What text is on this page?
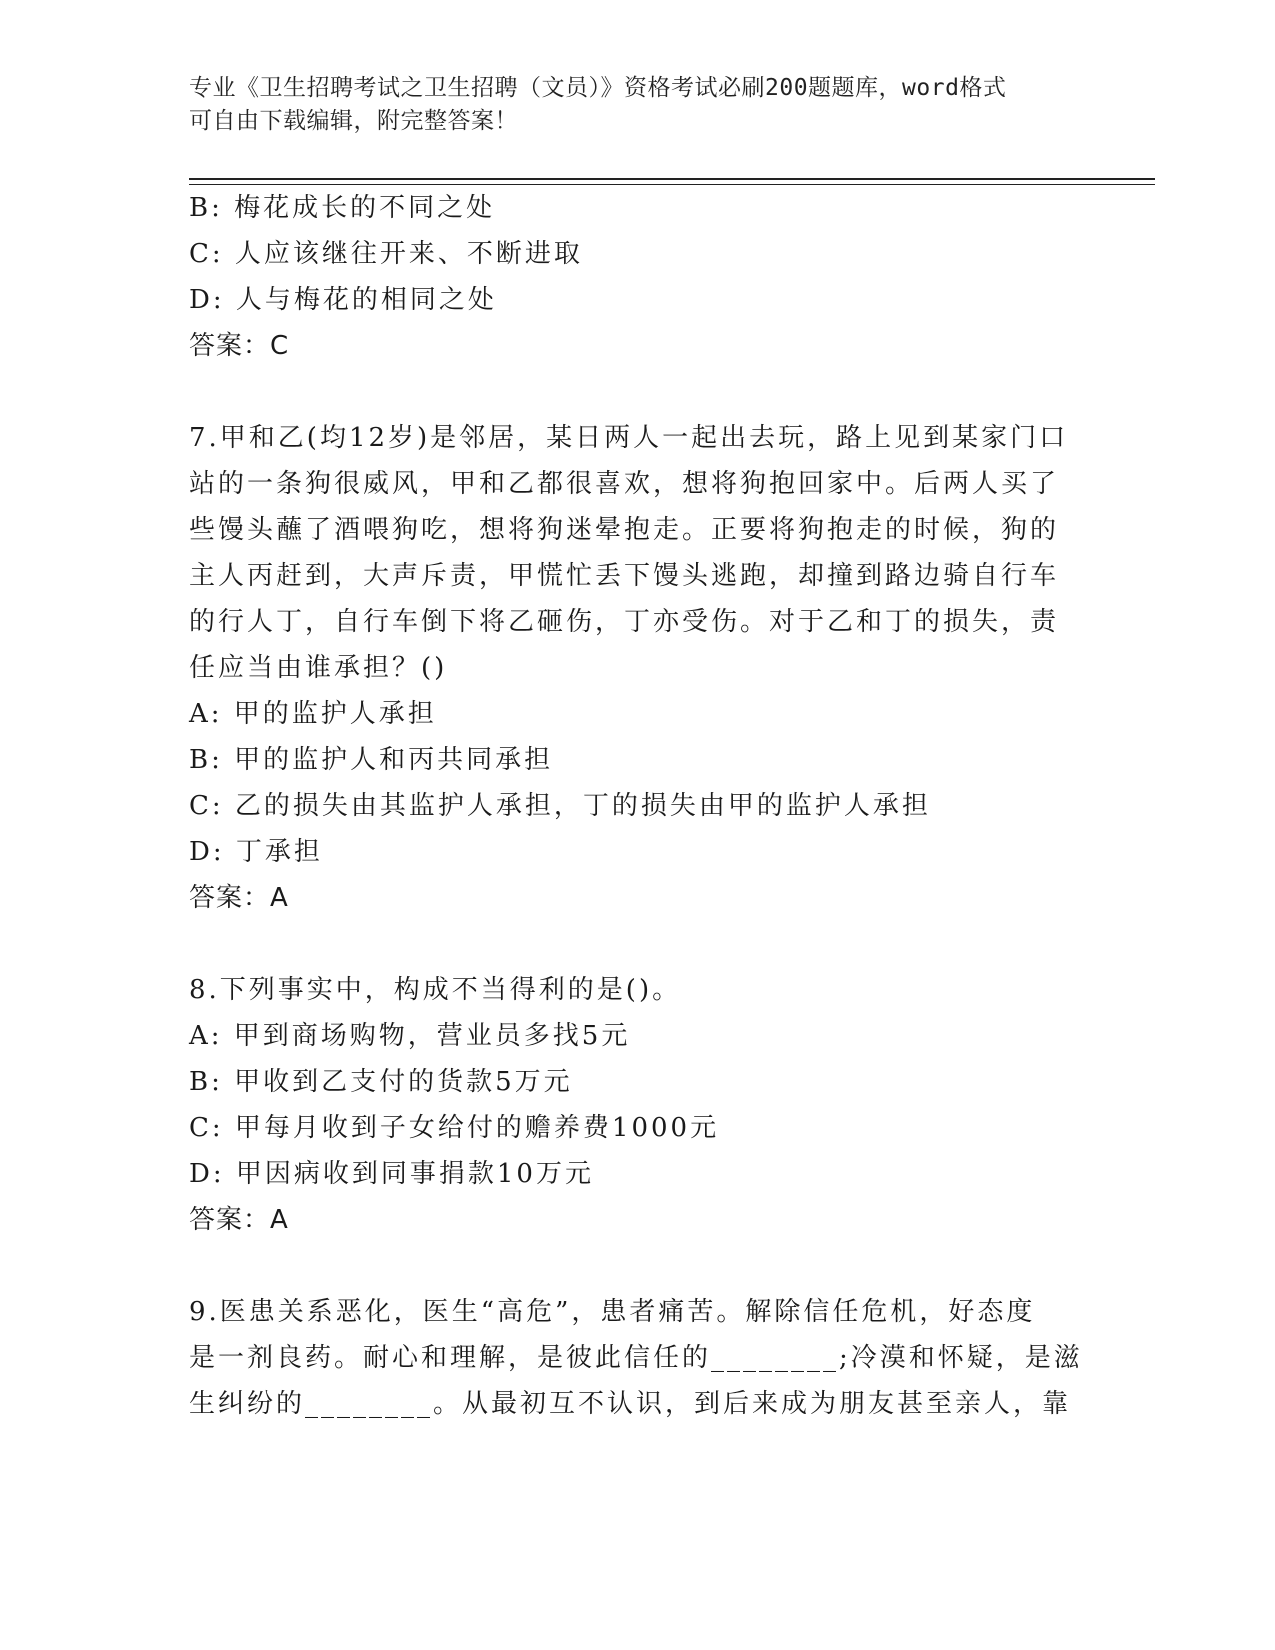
专业《卫生招聘考试之卫生招聘（文员）》资格考试必刷200题题库，word格式

可自由下载编辑，附完整答案！

B: 梅花成长的不同之处
C: 人应该继往开来、不断进取
D: 人与梅花的相同之处
答案：C

7.甲和乙(均12岁)是邻居，某日两人一起出去玩，路上见到某家门口

站的一条狗很威风，甲和乙都很喜欢，想将狗抱回家中。后两人买了

些馒头蘸了酒喂狗吃，想将狗迷晕抱走。正要将狗抱走的时候，狗的

主人丙赶到，大声斥责，甲慌忙丢下馒头逃跑，却撞到路边骑自行车

的行人丁，自行车倒下将乙砸伤，丁亦受伤。对于乙和丁的损失，责

任应当由谁承担？()

A: 甲的监护人承担
B: 甲的监护人和丙共同承担
C: 乙的损失由其监护人承担，丁的损失由甲的监护人承担
D: 丁承担
答案：A

8.下列事实中，构成不当得利的是()。

A: 甲到商场购物，营业员多找5元
B: 甲收到乙支付的货款5万元
C: 甲每月收到子女给付的赡养费1000元
D: 甲因病收到同事捐款10万元
答案：A

9.医患关系恶化，医生“高危”，患者痛苦。解除信任危机，好态度

是一剂良药。耐心和理解，是彼此信任的________;冷漠和怀疑，是滋

生纠纷的________。从最初互不认识，到后来成为朋友甚至亲人，靠
